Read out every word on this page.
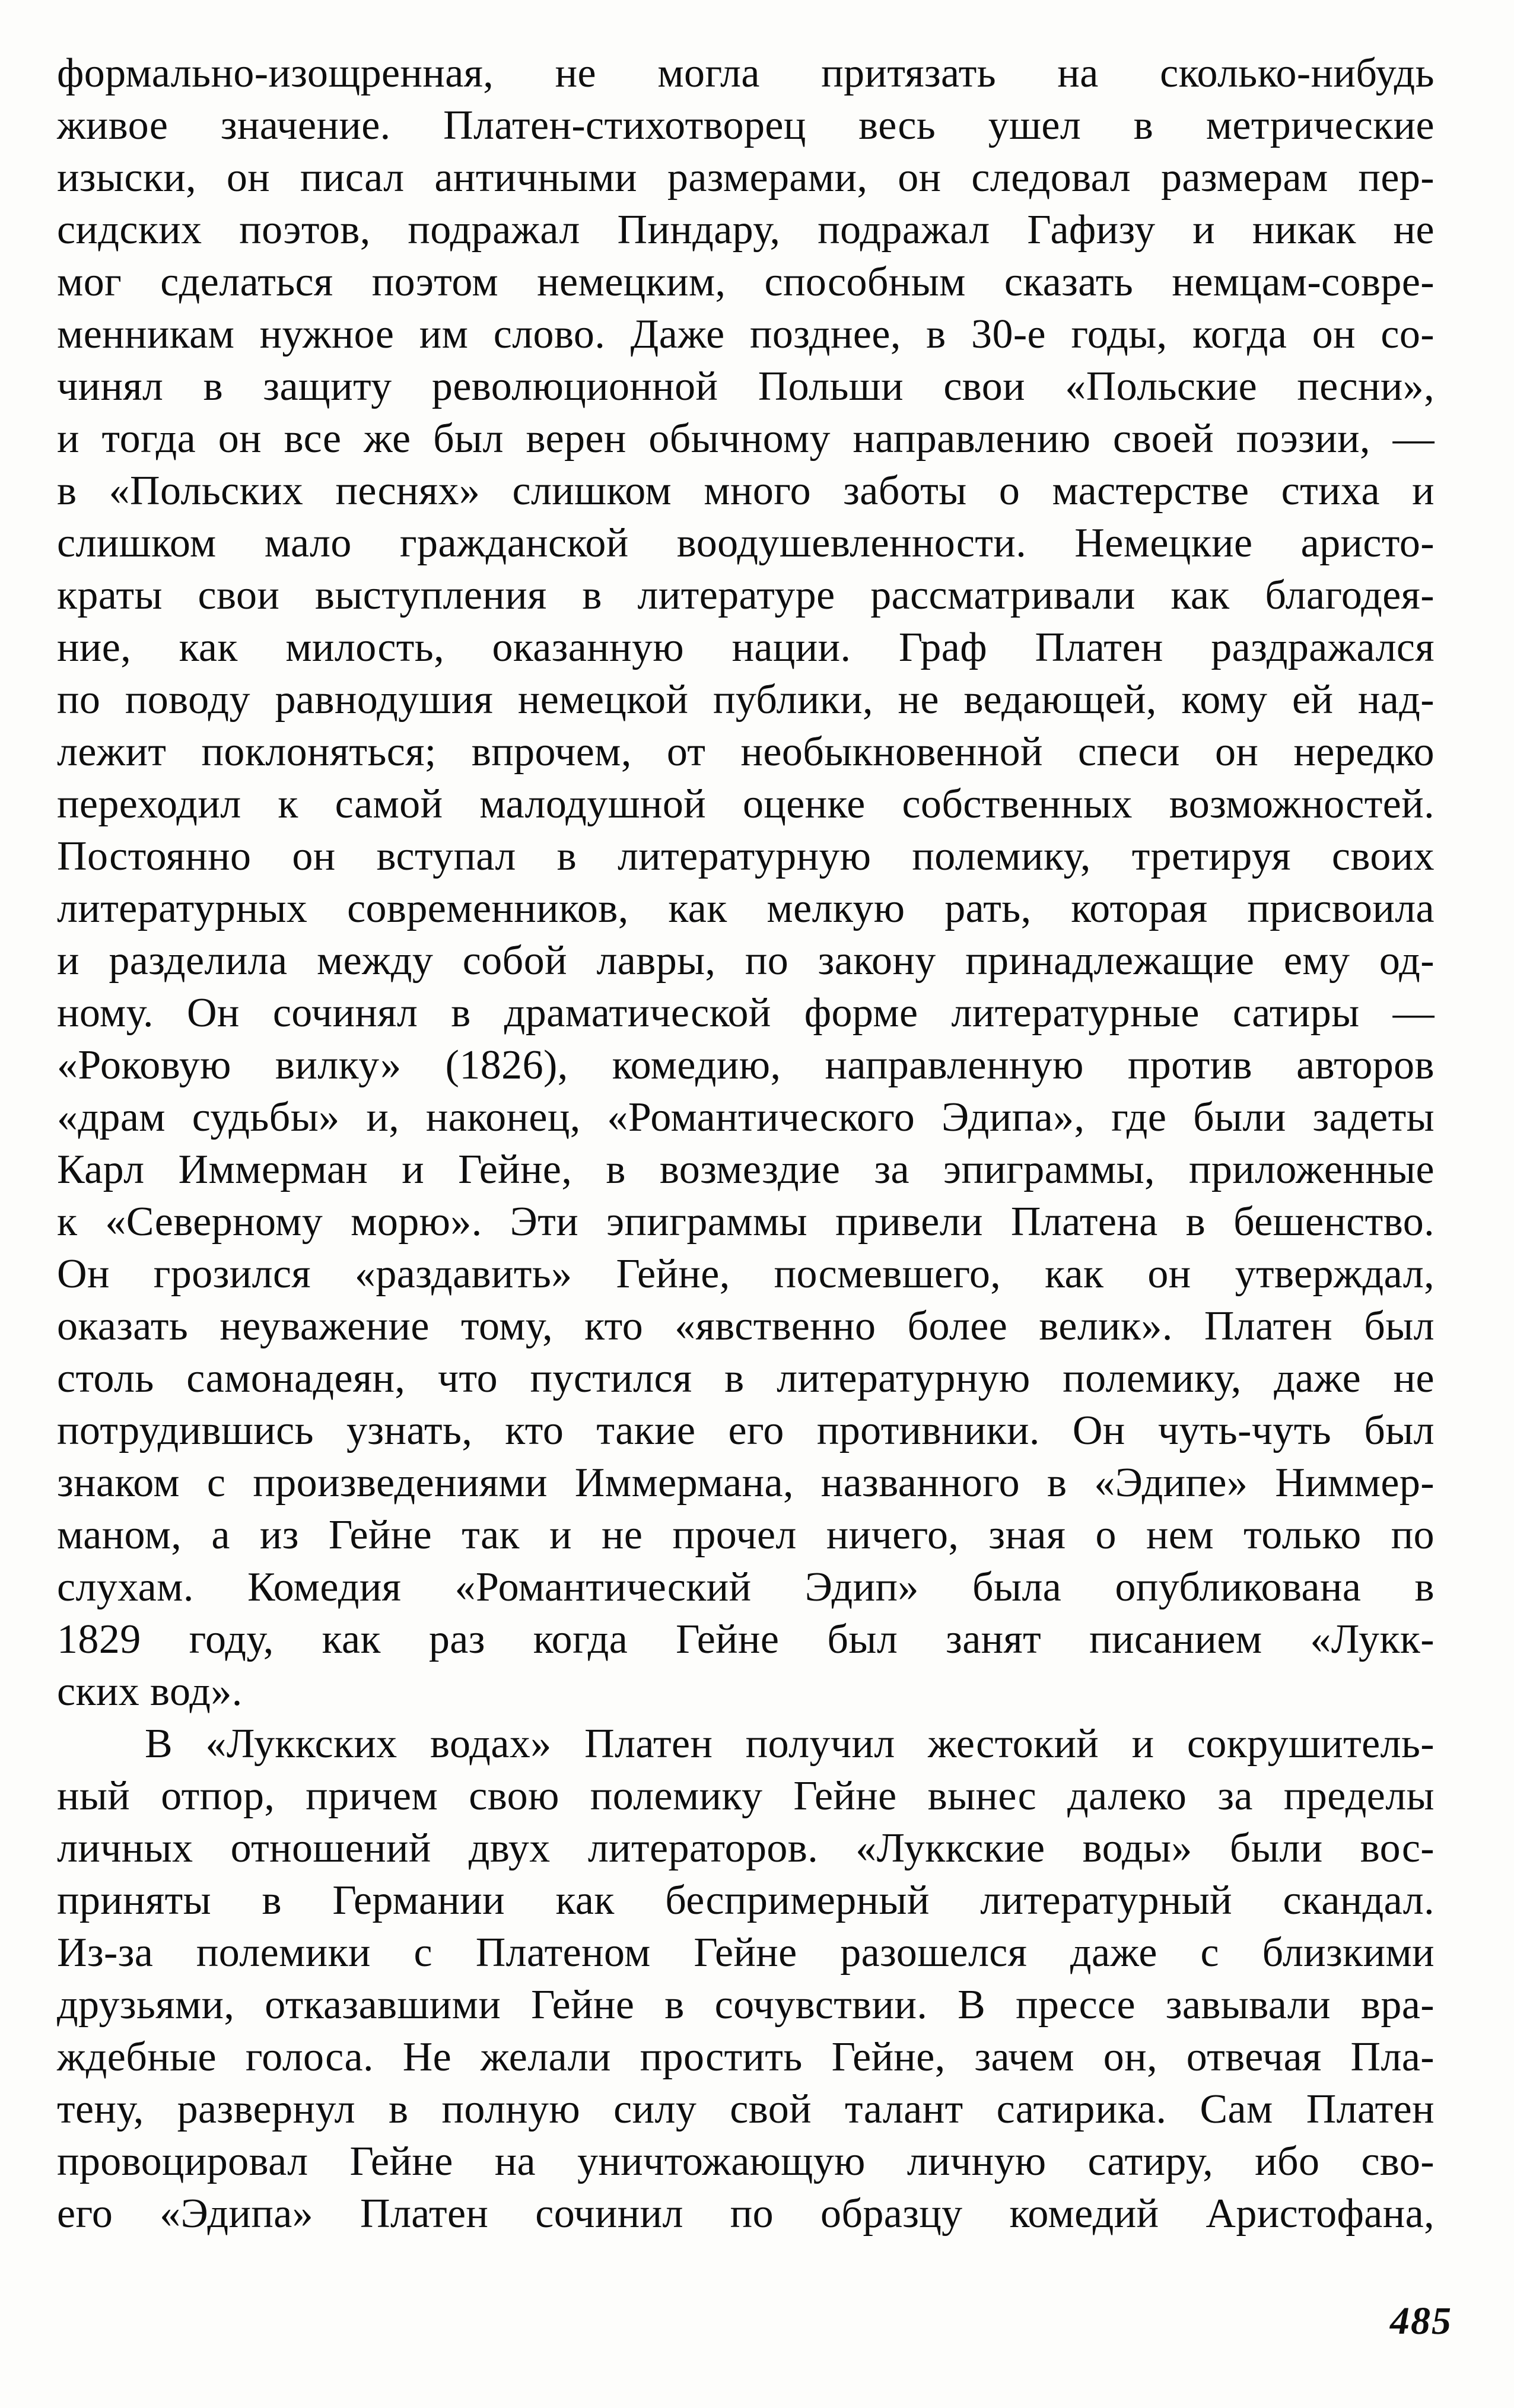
формально-изощренная, не могла притязать на сколько-нибудь
живое значение. Платен-стихотворец весь ушел в метрические
изыски, он писал античными размерами, он следовал размерам пер-
сидских поэтов, подражал Пиндару, подражал Гафизу и никак не
мог сделаться поэтом немецким, способным сказать немцам-совре-
менникам нужное им слово. Даже позднее, в 30-е годы, когда он со-
чинял в защиту революционной Польши свои «Польские песни»,
и тогда он все же был верен обычному направлению своей поэзии, —
в «Польских песнях» слишком много заботы о мастерстве стиха и
слишком мало гражданской воодушевленности. Немецкие аристо-
краты свои выступления в литературе рассматривали как благодея-
ние, как милость, оказанную нации. Граф Платен раздражался
по поводу равнодушия немецкой публики, не ведающей, кому ей над-
лежит поклоняться; впрочем, от необыкновенной спеси он нередко
переходил к самой малодушной оценке собственных возможностей.
Постоянно он вступал в литературную полемику, третируя своих
литературных современников, как мелкую рать, которая присвоила
и разделила между собой лавры, по закону принадлежащие ему од-
ному. Он сочинял в драматической форме литературные сатиры —
«Роковую вилку» (1826), комедию, направленную против авторов
«драм судьбы» и, наконец, «Романтического Эдипа», где были задеты
Карл Иммерман и Гейне, в возмездие за эпиграммы, приложенные
к «Северному морю». Эти эпиграммы привели Платена в бешенство.
Он грозился «раздавить» Гейне, посмевшего, как он утверждал,
оказать неуважение тому, кто «явственно более велик». Платен был
столь самонадеян, что пустился в литературную полемику, даже не
потрудившись узнать, кто такие его противники. Он чуть-чуть был
знаком с произведениями Иммермана, названного в «Эдипе» Ниммер-
маном, а из Гейне так и не прочел ничего, зная о нем только по
слухам. Комедия «Романтический Эдип» была опубликована в
1829 году, как раз когда Гейне был занят писанием «Лукк-
ских вод».
В «Луккских водах» Платен получил жестокий и сокрушитель-
ный отпор, причем свою полемику Гейне вынес далеко за пределы
личных отношений двух литераторов. «Луккские воды» были вос-
приняты в Германии как беспримерный литературный скандал.
Из-за полемики с Платеном Гейне разошелся даже с близкими
друзьями, отказавшими Гейне в сочувствии. В прессе завывали вра-
ждебные голоса. Не желали простить Гейне, зачем он, отвечая Пла-
тену, развернул в полную силу свой талант сатирика. Сам Платен
провоцировал Гейне на уничтожающую личную сатиру, ибо сво-
его «Эдипа» Платен сочинил по образцу комедий Аристофана,
485
